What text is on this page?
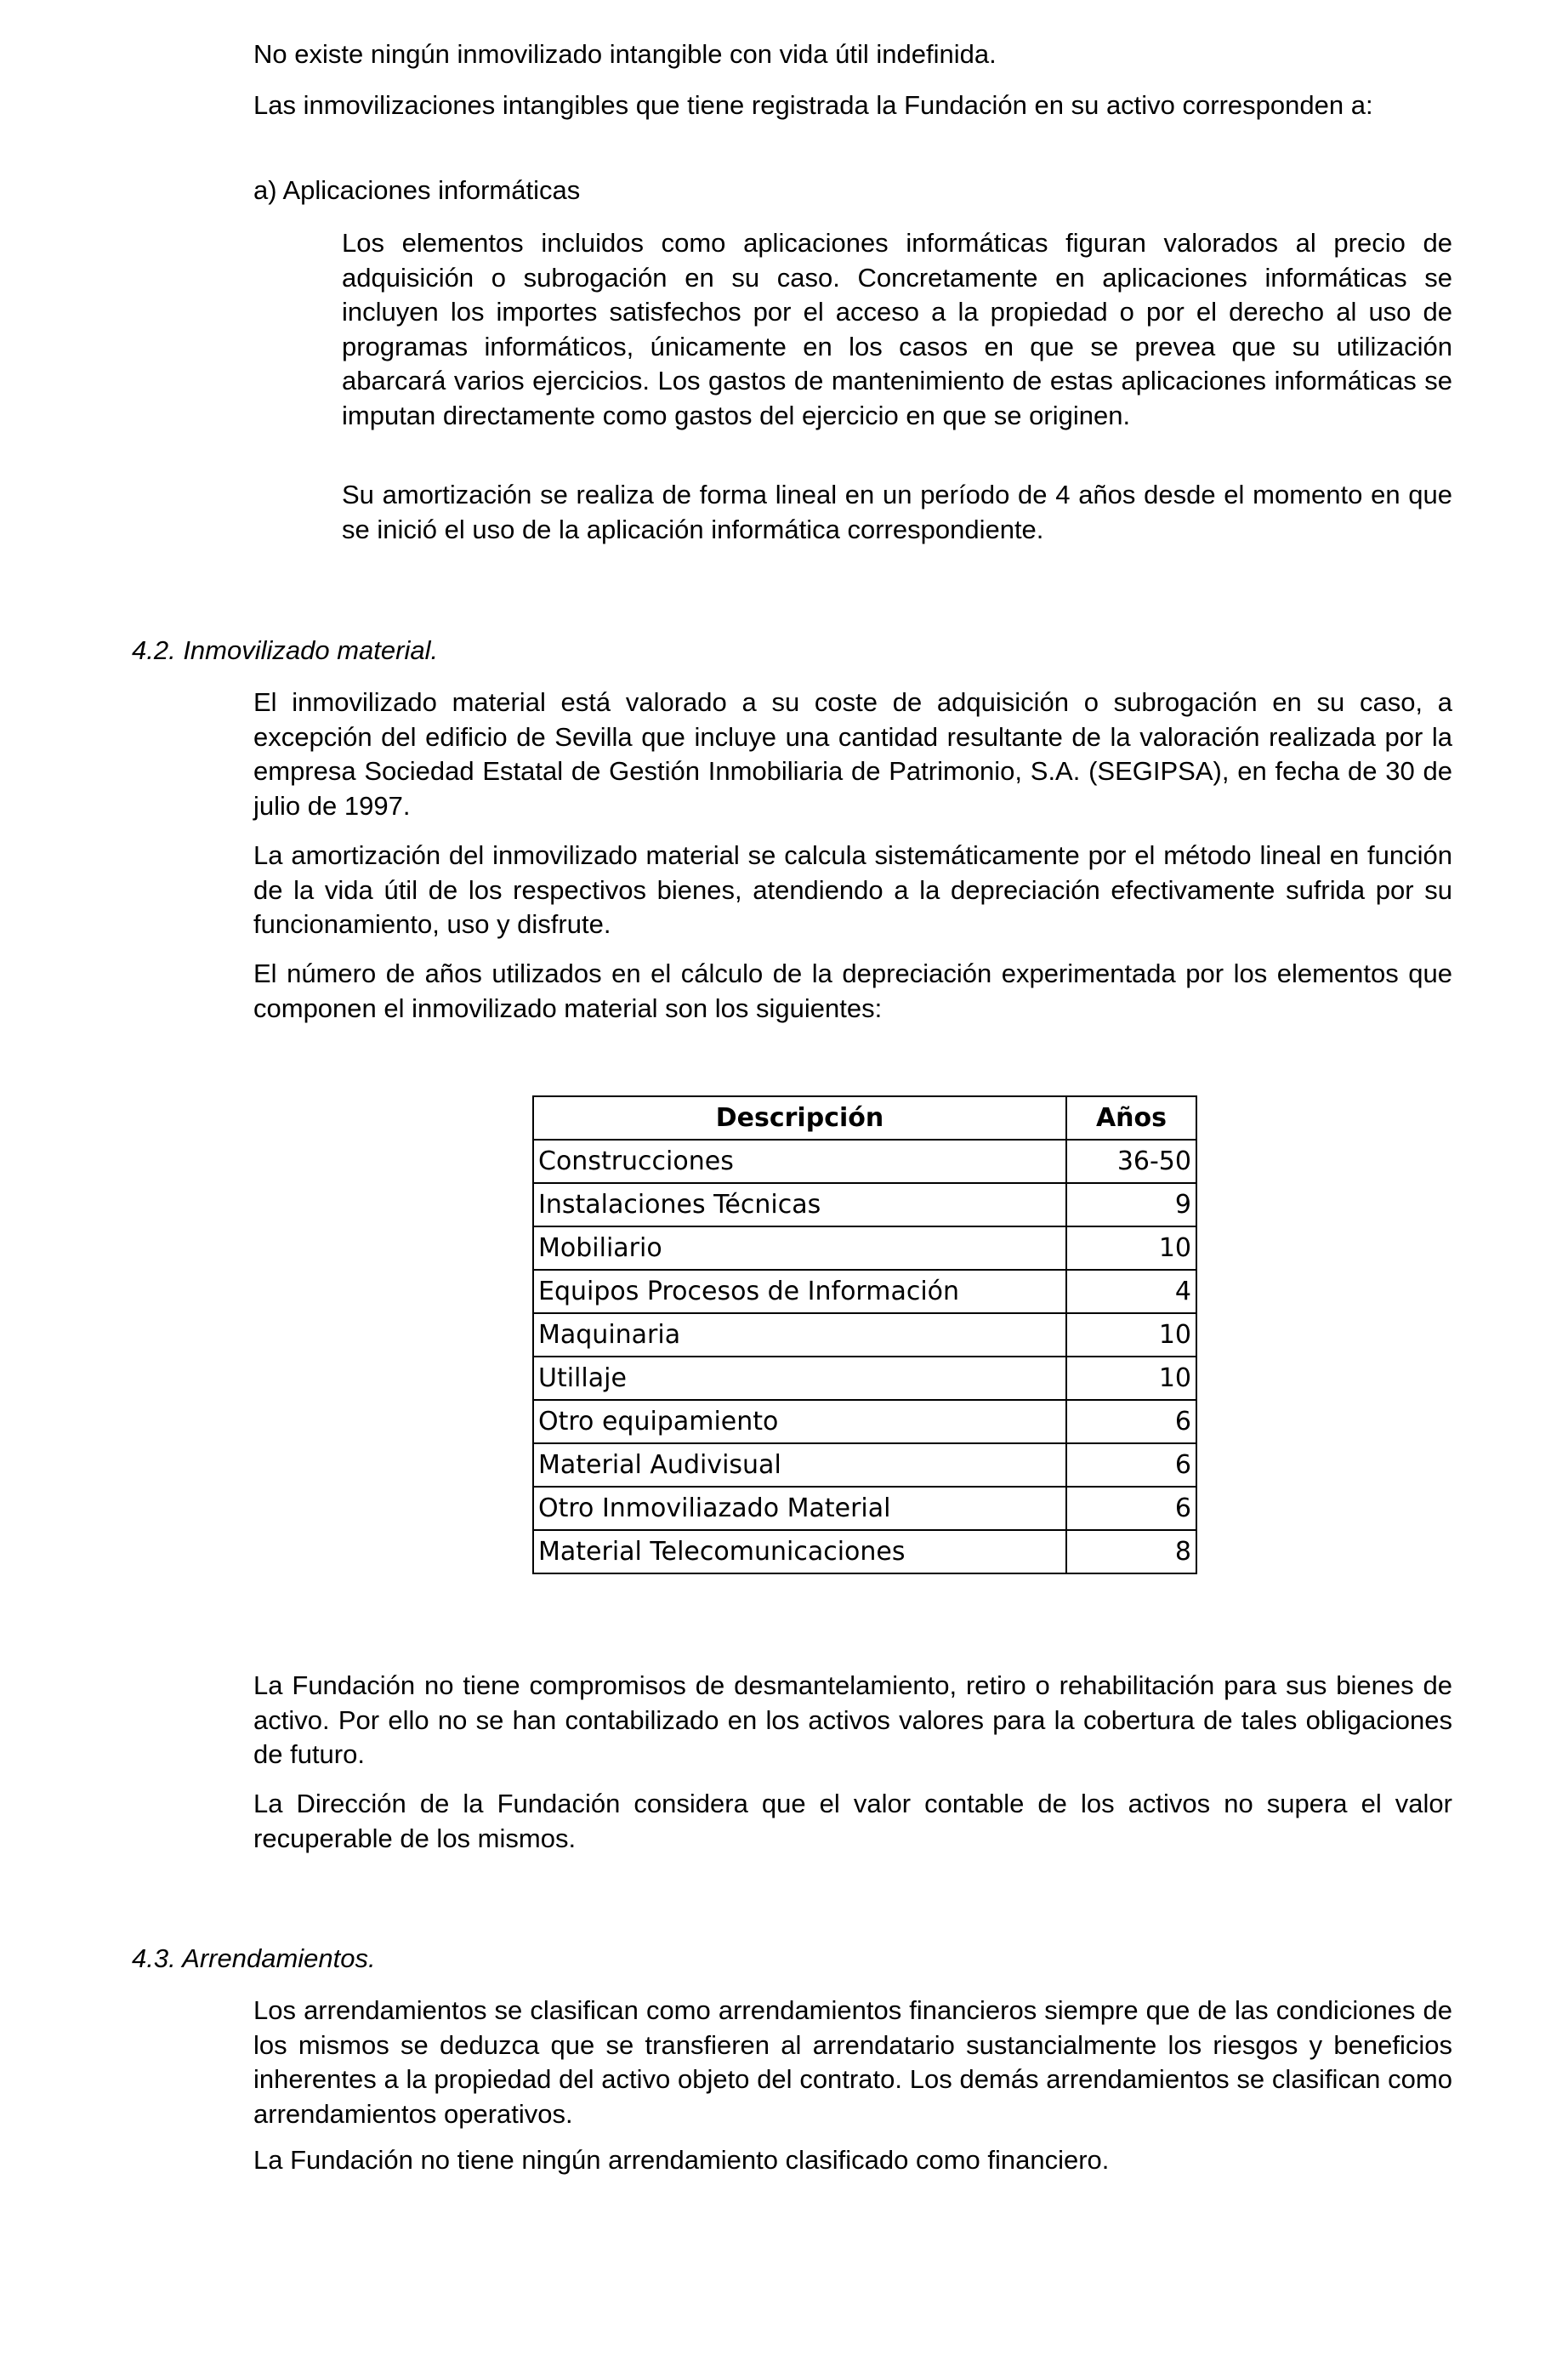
No existe ningún inmovilizado intangible con vida útil indefinida.

Las inmovilizaciones intangibles que tiene registrada la Fundación en su activo corresponden a:

a) Aplicaciones informáticas

Los elementos incluidos como aplicaciones informáticas figuran valorados al precio de adquisición o subrogación en su caso. Concretamente en aplicaciones informáticas se incluyen los importes satisfechos por el acceso a la propiedad o por el derecho al uso de programas informáticos, únicamente en los casos en que se prevea que su utilización abarcará varios ejercicios. Los gastos de mantenimiento de estas aplicaciones informáticas se imputan directamente como gastos del ejercicio en que se originen.

Su amortización se realiza de forma lineal en un período de 4 años desde el momento en que se inició el uso de la aplicación informática correspondiente.

4.2. Inmovilizado material.

El inmovilizado material está valorado a su coste de adquisición o subrogación en su caso, a excepción del edificio de Sevilla que incluye una cantidad resultante de la valoración realizada por la empresa Sociedad Estatal de Gestión Inmobiliaria de Patrimonio, S.A. (SEGIPSA), en fecha de 30 de julio de 1997.

La amortización del inmovilizado material se calcula sistemáticamente por el método lineal en función de la vida útil de los respectivos bienes, atendiendo a la depreciación efectivamente sufrida por su funcionamiento, uso y disfrute.

El número de años utilizados en el cálculo de la depreciación experimentada por los elementos que componen el inmovilizado material son los siguientes:

Descripción	Años
Construcciones	36-50
Instalaciones Técnicas	9
Mobiliario	10
Equipos Procesos de Información	4
Maquinaria	10
Utillaje	10
Otro equipamiento	6
Material Audivisual	6
Otro Inmoviliazado Material	6
Material Telecomunicaciones	8

La Fundación no tiene compromisos de desmantelamiento, retiro o rehabilitación para sus bienes de activo. Por ello no se han contabilizado en los activos valores para la cobertura de tales obligaciones de futuro.

La Dirección de la Fundación considera que el valor contable de los activos no supera el valor recuperable de los mismos.

4.3. Arrendamientos.

Los arrendamientos se clasifican como arrendamientos financieros siempre que de las condiciones de los mismos se deduzca que se transfieren al arrendatario sustancialmente los riesgos y beneficios inherentes a la propiedad del activo objeto del contrato. Los demás arrendamientos se clasifican como arrendamientos operativos.

La Fundación no tiene ningún arrendamiento clasificado como financiero.
